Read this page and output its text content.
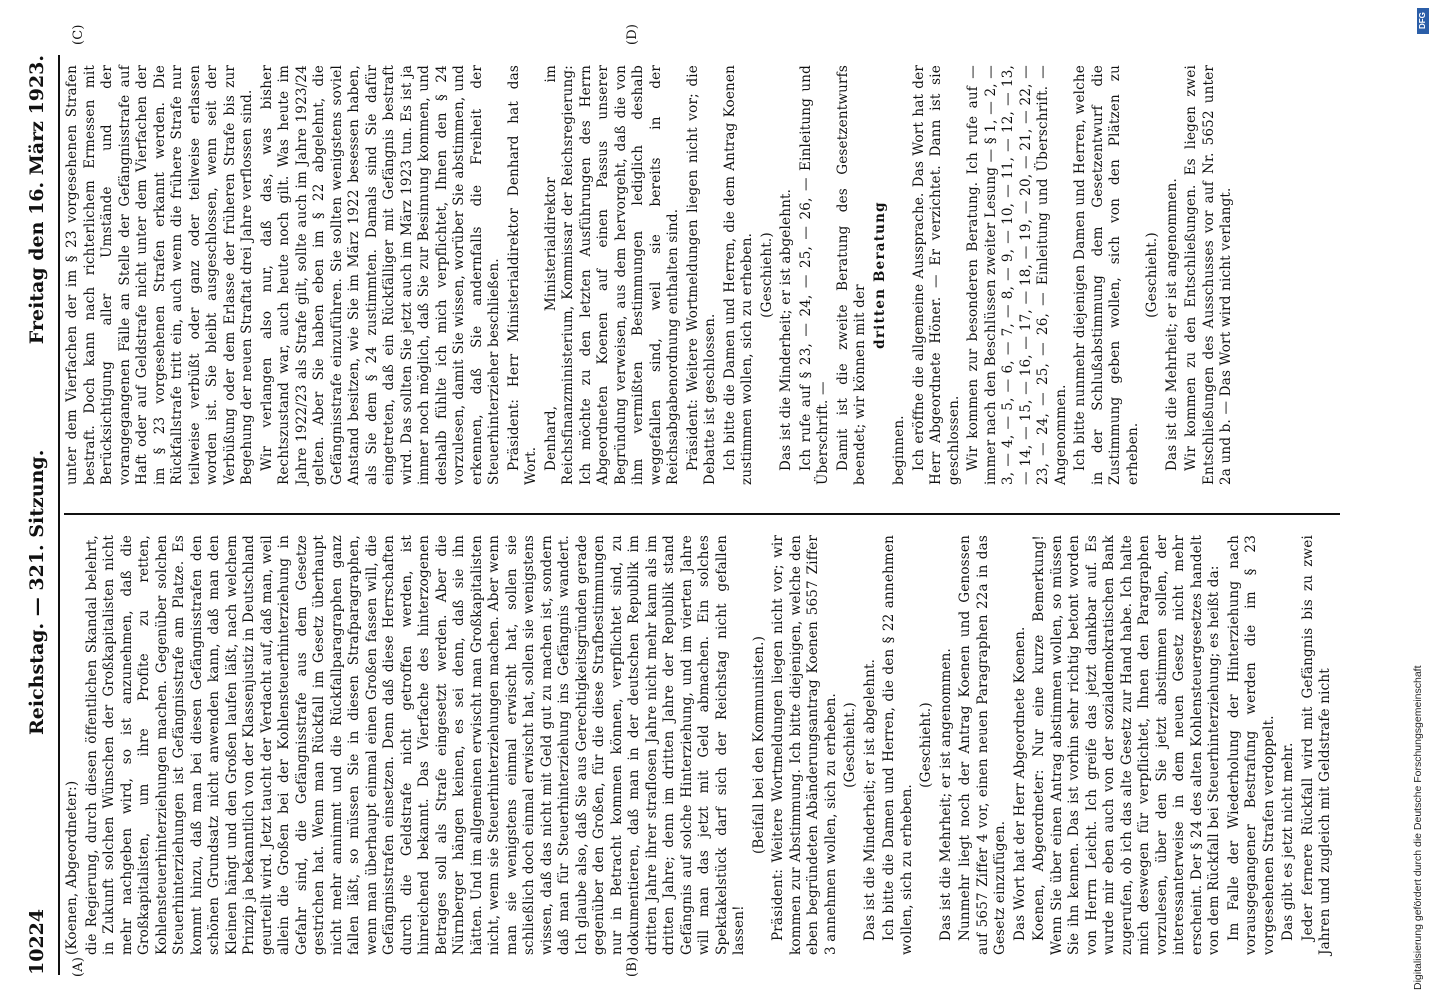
10224
Reichstag. — 321. Sitzung.
Freitag den 16. März 1923.
(A)	(B)

(Koenen, Abgeordneter:) die Regierung, durch diesen öffentlichen Skandal belehrt, in Zukunft solchen Wünschen der Großkapitalisten nicht mehr nachgeben wird, so ist anzunehmen, daß die Großkapitalisten, um ihre Profite zu retten, Kohlensteuerhinterziehungen machen. Gegenüber solchen Steuerhinterziehungen ist Gefängnisstrafe am Platze. Es kommt hinzu, daß man bei diesen Gefängnisstrafen den schönen Grundsatz nicht anwenden kann, daß man den Kleinen hängt und den Großen laufen läßt, nach welchem Prinzip ja bekanntlich von der Klassenjustiz in Deutschland geurteilt wird. Jetzt taucht der Verdacht auf, daß man, weil allein die Großen bei der Kohlensteuerhinterziehung in Gefahr sind, die Gefängnisstrafe aus dem Gesetze gestrichen hat. Wenn man Rückfall im Gesetz überhaupt nicht mehr annimmt und die Rückfallparagraphen ganz fallen läßt, so müssen Sie in diesen Strafparagraphen, wenn man überhaupt einmal einen Großen fassen will, die Gefängnisstrafen einsetzen. Denn daß diese Herrschaften durch die Geldstrafe nicht getroffen werden, ist hinreichend bekannt. Das Vierfache des hinterzogenen Betrages soll als Strafe eingesetzt werden. Aber die Nürnberger hängen keinen, es sei denn, daß sie ihn hätten. Und im allgemeinen erwischt man Großkapitalisten nicht, wenn sie Steuerhinterziehungen machen. Aber wenn man sie wenigstens einmal erwischt hat, sollen sie schließlich doch einmal erwischt hat, sollen sie wenigstens wissen, daß das nicht mit Geld gut zu machen ist, sondern daß man für Steuerhinterziehung ins Gefängnis wandert. Ich glaube also, daß Sie aus Gerechtigkeitsgründen gerade gegenüber den Großen, für die diese Strafbestimmungen nur in Betracht kommen können, verpflichtet sind, zu dokumentieren, daß man in der deutschen Republik im dritten Jahre ihrer straflosen Jahre nicht mehr kann als im dritten Jahre; denn im dritten Jahre der Republik stand Gefängnis auf solche Hinterziehung, und im vierten Jahre will man das jetzt mit Geld abmachen. Ein solches Spektakelstück darf sich der Reichstag nicht gefallen lassen!

(Beifall bei den Kommunisten.) Präsident: Weitere Wortmeldungen liegen nicht vor; wir kommen zur Abstimmung. Ich bitte diejenigen, welche den eben begründeten Abänderungsantrag Koenen 5657 Ziffer 3 annehmen wollen, sich zu erheben. (Geschieht.) Das ist die Minderheit; er ist abgelehnt. Ich bitte die Damen und Herren, die den § 22 annehmen wollen, sich zu erheben.

(Geschieht.) Das ist die Mehrheit; er ist angenommen. Nunmehr liegt noch der Antrag Koenen und Genossen auf 5657 Ziffer 4 vor, einen neuen Paragraphen 22a in das Gesetz einzufügen. Das Wort hat der Herr Abgeordnete Koenen. Koenen, Abgeordneter: Nur eine kurze Bemerkung! Wenn Sie über einen Antrag abstimmen wollen, so müssen Sie ihn kennen. Das ist vorhin sehr richtig betont worden von Herrn Leicht. Ich greife das jetzt dankbar auf. Es wurde mir eben auch von der sozialdemokratischen Bank zugerufen, ob ich das alte Gesetz zur Hand habe. Ich halte mich deswegen für verpflichtet, Ihnen den Paragraphen vorzulesen, über den Sie jetzt abstimmen sollen, der interessanterweise in dem neuen Gesetz nicht mehr erscheint. Der § 24 des alten Kohlensteuergesetzes handelt von dem Rückfall bei Steuerhinterziehung; es heißt da: Im Falle der Wiederholung der Hinterziehung nach vorausgegangener Bestrafung werden die im § 23 vorgesehenen Strafen verdoppelt. Das gibt es jetzt nicht mehr. Jeder fernere Rückfall wird mit Gefängnis bis zu zwei Jahren und zugleich mit Geldstrafe nicht

(C)	(D)

unter dem Vierfachen der im § 23 vorgesehenen Strafen bestraft. Doch kann nach richterlichem Ermessen mit Berücksichtigung aller Umstände und der vorangegangenen Fälle an Stelle der Gefängnisstrafe auf Haft oder auf Geldstrafe nicht unter dem Vierfachen der im § 23 vorgesehenen Strafen erkannt werden. Die Rückfallstrafe tritt ein, auch wenn die frühere Strafe nur teilweise verbüßt oder ganz oder teilweise erlassen worden ist. Sie bleibt ausgeschlossen, wenn seit der Verbüßung oder dem Erlasse der früheren Strafe bis zur Begehung der neuen Straftat drei Jahre verflossen sind. Wir verlangen also nur, daß das, was bisher Rechtszustand war, auch heute noch gilt. Was heute im Jahre 1922/23 als Strafe gilt, sollte auch im Jahre 1923/24 gelten. Aber Sie haben eben im § 22 abgelehnt, die Gefängnisstrafe einzuführen. Sie sollten wenigstens soviel Anstand besitzen, wie Sie im März 1922 besessen haben, als Sie dem § 24 zustimmten. Damals sind Sie dafür eingetreten, daß ein Rückfälliger mit Gefängnis bestraft wird. Das sollten Sie jetzt auch im März 1923 tun. Es ist ja immer noch möglich, daß Sie zur Besinnung kommen, und deshalb fühlte ich mich verpflichtet, Ihnen den § 24 vorzulesen, damit Sie wissen, worüber Sie abstimmen, und erkennen, daß Sie andernfalls die Freiheit der Steuerhinterzieher beschließen. Präsident: Herr Ministerialdirektor Denhard hat das Wort. Denhard, Ministerialdirektor im Reichsfinanzministerium, Kommissar der Reichsregierung: Ich möchte zu den letzten Ausführungen des Herrn Abgeordneten Koenen auf einen Passus unserer Begründung verweisen, aus dem hervorgeht, daß die von ihm vermißten Bestimmungen lediglich deshalb weggefallen sind, weil sie bereits in der Reichsabgabenordnung enthalten sind. Präsident: Weitere Wortmeldungen liegen nicht vor; die Debatte ist geschlossen. Ich bitte die Damen und Herren, die dem Antrag Koenen zustimmen wollen, sich zu erheben. (Geschieht.) Das ist die Minderheit; er ist abgelehnt. Ich rufe auf § 23, — 24, — 25, — 26, — Einleitung und Überschrift. — Damit ist die zweite Beratung des Gesetzentwurfs beendet; wir können mit der

dritten Beratung

beginnen. Ich eröffne die allgemeine Aussprache. Das Wort hat der Herr Abgeordnete Höner. — Er verzichtet. Dann ist sie geschlossen. Wir kommen zur besonderen Beratung. Ich rufe auf — immer nach den Beschlüssen zweiter Lesung — § 1, — 2, — 3, — 4, — 5, — 6, — 7, — 8, — 9, — 10, — 11, — 12, — 13, — 14, — 15, — 16, — 17, — 18, — 19, — 20, — 21, — 22, — 23, — 24, — 25, — 26, — Einleitung und Überschrift. — Angenommen. Ich bitte nunmehr diejenigen Damen und Herren, welche in der Schlußabstimmung dem Gesetzentwurf die Zustimmung geben wollen, sich von den Plätzen zu erheben.

(Geschieht.) Das ist die Mehrheit; er ist angenommen. Wir kommen zu den Entschließungen. Es liegen zwei Entschließungen des Ausschusses vor auf Nr. 5652 unter 2a und b. — Das Wort wird nicht verlangt.

DFG
Digitalisierung gefördert durch die Deutsche Forschungsgemeinschaft
